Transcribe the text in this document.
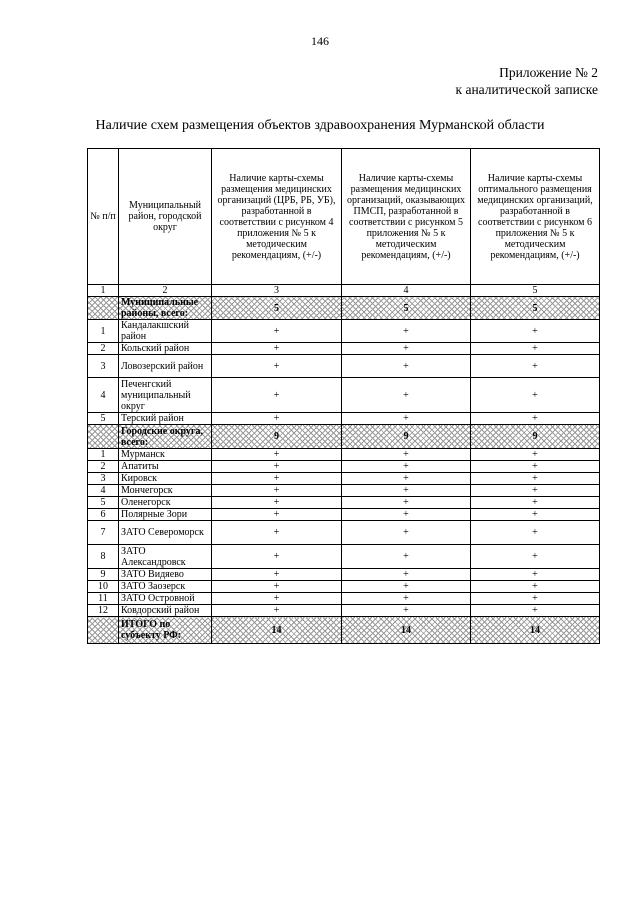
146
Приложение № 2
к аналитической записке
Наличие схем размещения объектов здравоохранения Мурманской области
№ п/п	Муниципальный район, городской округ	Наличие карты-схемы размещения медицинских организаций (ЦРБ, РБ, УБ), разработанной в соответствии с рисунком 4 приложения № 5 к методическим рекомендациям, (+/-)	Наличие карты-схемы размещения медицинских организаций, оказывающих ПМСП, разработанной в соответствии с рисунком 5 приложения № 5 к методическим рекомендациям, (+/-)	Наличие карты-схемы оптимального размещения медицинских организаций, разработанной в соответствии с рисунком 6 приложения № 5 к методическим рекомендациям, (+/-)
1	2	3	4	5
	Муниципальные районы, всего:	5	5	5
1	Кандалакшский район	+	+	+
2	Кольский район	+	+	+
3	Ловозерский район	+	+	+
4	Печенгский муниципальный округ	+	+	+
5	Терский район	+	+	+
	Городские округа, всего:	9	9	9
1	Мурманск	+	+	+
2	Апатиты	+	+	+
3	Кировск	+	+	+
4	Мончегорск	+	+	+
5	Оленегорск	+	+	+
6	Полярные Зори	+	+	+
7	ЗАТО Североморск	+	+	+
8	ЗАТО Александровск	+	+	+
9	ЗАТО Видяево	+	+	+
10	ЗАТО Заозерск	+	+	+
11	ЗАТО Островной	+	+	+
12	Ковдорский район	+	+	+
	ИТОГО по субъекту РФ:	14	14	14
